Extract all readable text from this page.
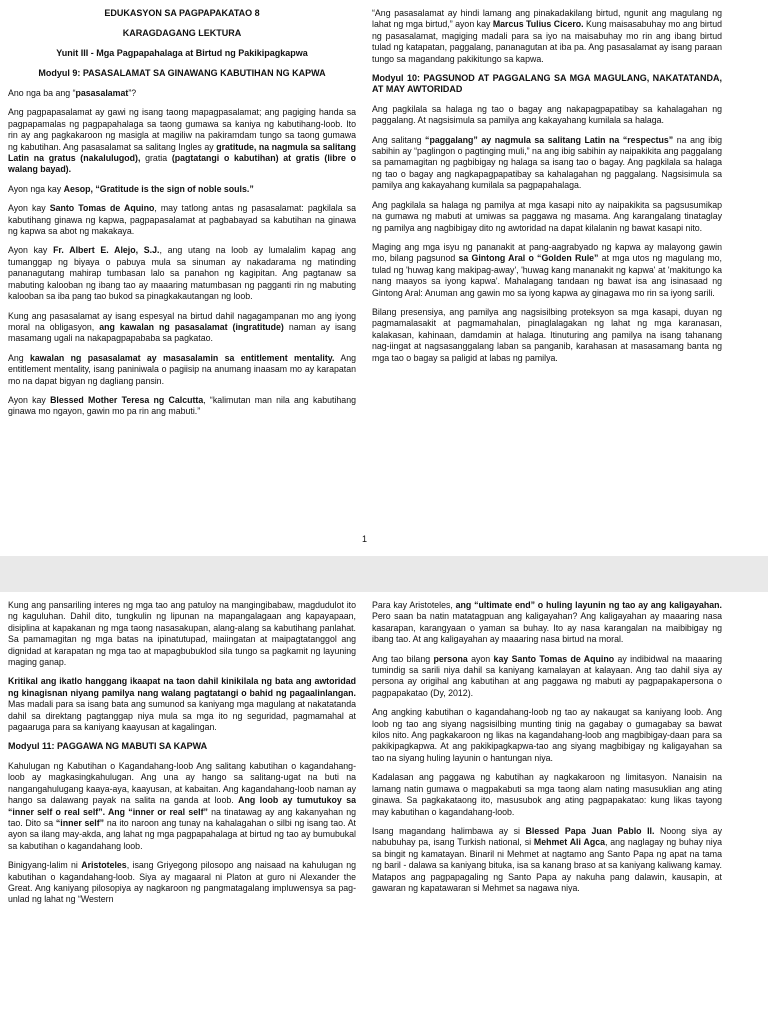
EDUKASYON SA PAGPAPAKATAO 8
KARAGDAGANG LEKTURA
Yunit III - Mga Pagpapahalaga at Birtud ng Pakikipagkapwa
Modyul 9: PASASALAMAT SA GINAWANG KABUTIHAN NG KAPWA

Ano nga ba ang “pasasalamat”?

Ang pagpapasalamat ay gawi ng isang taong mapagpasalamat; ang pagiging handa sa pagpapamalas ng pagpapahalaga sa taong gumawa sa kaniya ng kabutihang-loob. Ito rin ay ang pagkakaroon ng masigla at magiliw na pakiramdam tungo sa taong gumawa ng kabutihan. Ang pasasalamat sa salitang Ingles ay gratitude, na nagmula sa salitang Latin na gratus (nakalulugod), gratia (pagtatangi o kabutihan) at gratis (libre o walang bayad).

Ayon nga kay Aesop, “Gratitude is the sign of noble souls.”

Ayon kay Santo Tomas de Aquino, may tatlong antas ng pasasalamat: pagkilala sa kabutihang ginawa ng kapwa, pagpapasalamat at pagbabayad sa kabutihan na ginawa ng kapwa sa abot ng makakaya.

Ayon kay Fr. Albert E. Alejo, S.J., ang utang na loob ay lumalalim kapag ang tumanggap ng biyaya o pabuya mula sa sinuman ay nakadarama ng matinding pananagutang mahirap tumbasan lalo sa panahon ng kagipitan. Ang pagtanaw sa mabuting kalooban ng ibang tao ay maaaring matumbasan ng pagganti rin ng mabuting kalooban sa iba pang tao bukod sa pinagkakautangan ng loob.

Kung ang pasasalamat ay isang espesyal na birtud dahil nagagampanan mo ang iyong moral na obligasyon, ang kawalan ng pasasalamat (ingratitude) naman ay isang masamang ugali na nakapagpapababa sa pagkatao.

Ang kawalan ng pasasalamat ay masasalamin sa entitlement mentality. Ang entitlement mentality, isang paniniwala o pagiisip na anumang inaasam mo ay karapatan mo na dapat bigyan ng dagliang pansin.

Ayon kay Blessed Mother Teresa ng Calcutta, “kalimutan man nila ang kabutihang ginawa mo ngayon, gawin mo pa rin ang mabuti.”

“Ang pasasalamat ay hindi lamang ang pinakadakilang birtud, ngunit ang magulang ng lahat ng mga birtud,” ayon kay Marcus Tulius Cicero. Kung maisasabuhay mo ang birtud ng pasasalamat, magiging madali para sa iyo na maisabuhay mo rin ang ibang birtud tulad ng katapatan, paggalang, pananagutan at iba pa. Ang pasasalamat ay isang paraan tungo sa magandang pakikitungo sa kapwa.

Modyul 10: PAGSUNOD AT PAGGALANG SA MGA MAGULANG, NAKATATANDA, AT MAY AWTORIDAD

Ang pagkilala sa halaga ng tao o bagay ang nakapagpapatibay sa kahalagahan ng paggalang. At nagsisimula sa pamilya ang kakayahang kumilala sa halaga.

Ang salitang “paggalang” ay nagmula sa salitang Latin na “respectus” na ang ibig sabihin ay “paglingon o pagtinging muli,” na ang ibig sabihin ay naipakikita ang paggalang sa pamamagitan ng pagbibigay ng halaga sa isang tao o bagay. Ang pagkilala sa halaga ng tao o bagay ang nagkapagpapatibay sa kahalagahan ng paggalang. Nagsisimula sa pamilya ang kakayahang kumilala sa pagpapahalaga.

Ang pagkilala sa halaga ng pamilya at mga kasapi nito ay naipakikita sa pagsusumikap na gumawa ng mabuti at umiwas sa paggawa ng masama. Ang karangalang tinataglay ng pamilya ang nagbibigay dito ng awtoridad na dapat kilalanin ng bawat kasapi nito.

Maging ang mga isyu ng pananakit at pang-aagrabyado ng kapwa ay malayong gawin mo, bilang pagsunod sa Gintong Aral o “Golden Rule” at mga utos ng magulang mo, tulad ng 'huwag kang makipag-away', 'huwag kang mananakit ng kapwa' at 'makitungo ka nang maayos sa iyong kapwa'. Mahalagang tandaan ng bawat isa ang isinasaad ng Gintong Aral: Anuman ang gawin mo sa iyong kapwa ay ginagawa mo rin sa iyong sarili.

Bilang presensiya, ang pamilya ang nagsisilbing proteksyon sa mga kasapi, duyan ng pagmamalasakit at pagmamahalan, pinaglalagakan ng lahat ng mga karanasan, kalakasan, kahinaan, damdamin at halaga. Itinuturing ang pamilya na isang tahanang nag-iingat at nagsasanggalang laban sa panganib, karahasan at masasamang banta ng mga tao o bagay sa paligid at labas ng pamilya.

1

Kung ang pansariling interes ng mga tao ang patuloy na mangingibabaw, magdudulot ito ng kaguluhan. Dahil dito, tungkulin ng lipunan na mapangalagaan ang kapayapaan, disiplina at kapakanan ng mga taong nasasakupan, alang-alang sa kabutihang panlahat. Sa pamamagitan ng mga batas na ipinatutupad, maiingatan at maipagtatanggol ang dignidad at karapatan ng mga tao at mapagbubuklod sila tungo sa pagkamit ng layuning maging ganap.

Kritikal ang ikatlo hanggang ikaapat na taon dahil kinikilala ng bata ang awtoridad ng kinagisnan niyang pamilya nang walang pagtatangi o bahid ng pagaalinlangan. Mas madali para sa isang bata ang sumunod sa kaniyang mga magulang at nakatatanda dahil sa direktang pagtanggap niya mula sa mga ito ng seguridad, pagmamahal at pagaaruga para sa kaniyang kaayusan at kagalingan.

Modyul 11: PAGGAWA NG MABUTI SA KAPWA

Kahulugan ng Kabutihan o Kagandahang-loob Ang salitang kabutihan o kagandahang-loob ay magkasingkahulugan. Ang una ay hango sa salitang-ugat na buti na nangangahulugang kaaya-aya, kaayusan, at kabaitan. Ang kagandahang-loob naman ay hango sa dalawang payak na salita na ganda at loob. Ang loob ay tumutukoy sa “inner self o real self”. Ang “inner or real self” na tinatawag ay ang kakanyahan ng tao. Dito sa “inner self” na ito naroon ang tunay na kahalagahan o silbi ng isang tao. At ayon sa ilang may-akda, ang lahat ng mga pagpapahalaga at birtud ng tao ay bumubukal sa kabutihan o kagandahang loob.

Binigyang-lalim ni Aristoteles, isang Griyegong pilosopo ang naisaad na kahulugan ng kabutihan o kagandahang-loob. Siya ay magaaral ni Platon at guro ni Alexander the Great. Ang kaniyang pilosopiya ay nagkaroon ng pangmatagalang impluwensya sa pag-unlad ng lahat ng “Western

Para kay Aristoteles, ang “ultimate end” o huling layunin ng tao ay ang kaligayahan. Pero saan ba natin matatagpuan ang kaligayahan? Ang kaligayahan ay maaaring nasa kasarapan, karangyaan o yaman sa buhay. Ito ay nasa karangalan na maibibigay ng ibang tao. At ang kaligayahan ay maaaring nasa birtud na moral.

Ang tao bilang persona ayon kay Santo Tomas de Aquino ay indibidwal na maaaring tumindig sa sarili niya dahil sa kaniyang kamalayan at kalayaan. Ang tao dahil siya ay persona ay origihal ang kabutihan at ang paggawa ng mabuti ay pagpapakapersona o pagpapakatao (Dy, 2012).

Ang angking kabutihan o kagandahang-loob ng tao ay nakaugat sa kaniyang loob. Ang loob ng tao ang siyang nagsisilbing munting tinig na gagabay o gumagabay sa bawat kilos nito. Ang pagkakaroon ng likas na kagandahang-loob ang magbibigay-daan para sa pakikipagkapwa. At ang pakikipagkapwa-tao ang siyang magbibigay ng kaligayahan sa tao na siyang huling layunin o hantungan niya.

Kadalasan ang paggawa ng kabutihan ay nagkakaroon ng limitasyon. Nanaisin na lamang natin gumawa o magpakabuti sa mga taong alam nating masusuklian ang ating ginawa. Sa pagkakataong ito, masusubok ang ating pagpapakatao: kung likas tayong may kabutihan o kagandahang-loob.

Isang magandang halimbawa ay si Blessed Papa Juan Pablo II. Noong siya ay nabubuhay pa, isang Turkish national, si Mehmet Ali Agca, ang naglagay ng buhay niya sa bingit ng kamatayan. Binaril ni Mehmet at nagtamo ang Santo Papa ng apat na tama ng baril - dalawa sa kaniyang bituka, isa sa kanang braso at sa kaniyang kaliwang kamay. Matapos ang pagpapagaling ng Santo Papa ay nakuha pang dalawin, kausapin, at gawaran ng kapatawaran si Mehmet sa nagawa niya.
